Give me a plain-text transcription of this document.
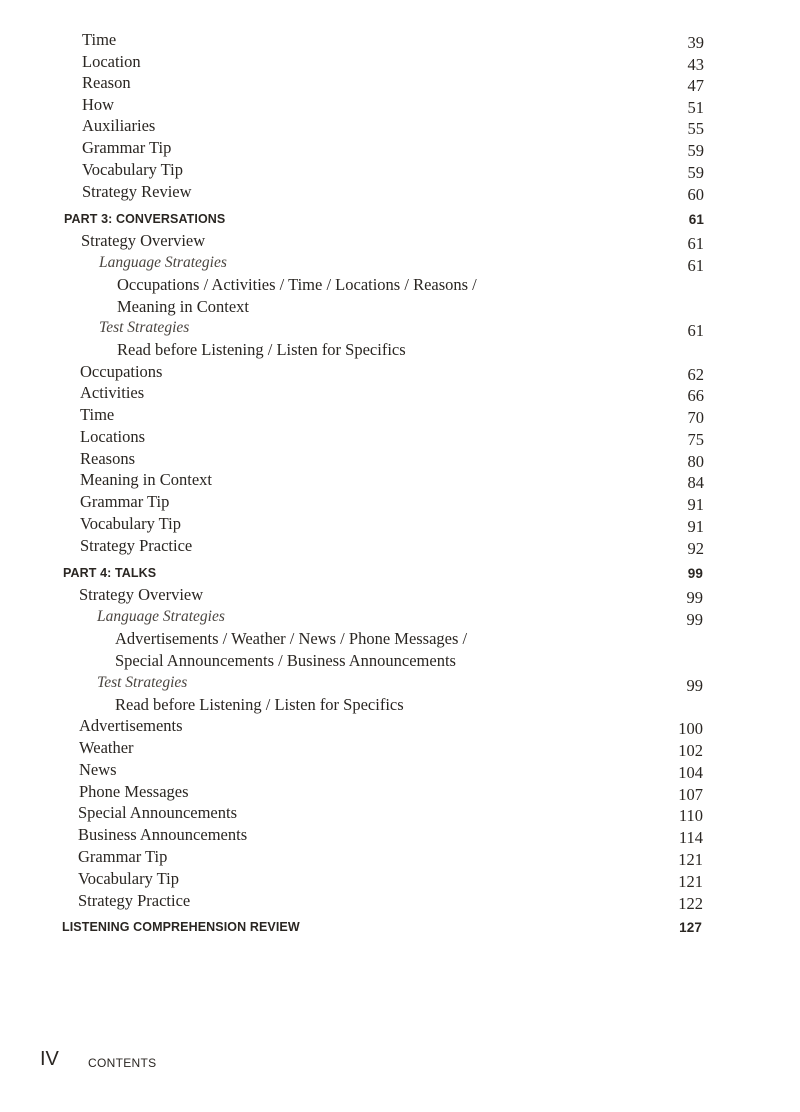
Time	39
Location	43
Reason	47
How	51
Auxiliaries	55
Grammar Tip	59
Vocabulary Tip	59
Strategy Review	60
PART 3: CONVERSATIONS	61
Strategy Overview	61
Language Strategies	61
Occupations / Activities / Time / Locations / Reasons /
Meaning in Context
Test Strategies	61
Read before Listening / Listen for Specifics
Occupations	62
Activities	66
Time	70
Locations	75
Reasons	80
Meaning in Context	84
Grammar Tip	91
Vocabulary Tip	91
Strategy Practice	92
PART 4: TALKS	99
Strategy Overview	99
Language Strategies	99
Advertisements / Weather / News / Phone Messages /
Special Announcements / Business Announcements
Test Strategies	99
Read before Listening / Listen for Specifics
Advertisements	100
Weather	102
News	104
Phone Messages	107
Special Announcements	110
Business Announcements	114
Grammar Tip	121
Vocabulary Tip	121
Strategy Practice	122
LISTENING COMPREHENSION REVIEW	127
IV CONTENTS
